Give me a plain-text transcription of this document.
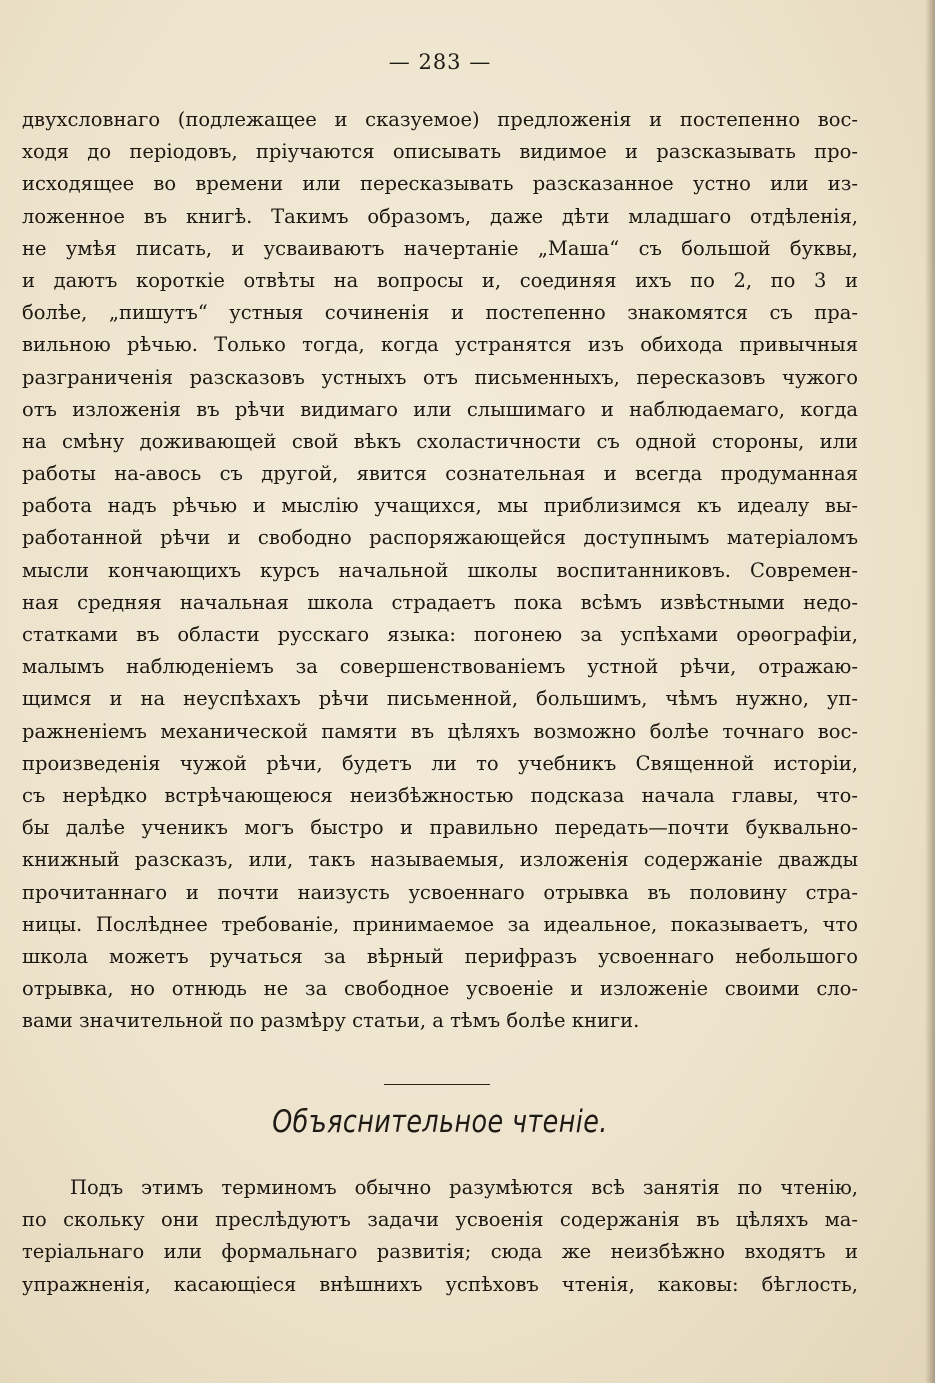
— 283 —
двухсловнаго (подлежащее и сказуемое) предложенія и постепенно вос-
ходя до періодовъ, пріучаются описывать видимое и разсказывать про-
исходящее во времени или пересказывать разсказанное устно или из-
ложенное въ книгѣ. Такимъ образомъ, даже дѣти младшаго отдѣленія,
не умѣя писать, и усваиваютъ начертаніе „Маша“ съ большой буквы,
и даютъ короткіе отвѣты на вопросы и, соединяя ихъ по 2, по 3 и
болѣе, „пишутъ“ устныя сочиненія и постепенно знакомятся съ пра-
вильною рѣчью. Только тогда, когда устранятся изъ обихода привычныя
разграниченія разсказовъ устныхъ отъ письменныхъ, пересказовъ чужого
отъ изложенія въ рѣчи видимаго или слышимаго и наблюдаемаго, когда
на смѣну доживающей свой вѣкъ схоластичности съ одной стороны, или
работы на-авось съ другой, явится сознательная и всегда продуманная
работа надъ рѣчью и мыслію учащихся, мы приблизимся къ идеалу вы-
работанной рѣчи и свободно распоряжающейся доступнымъ матеріаломъ
мысли кончающихъ курсъ начальной школы воспитанниковъ. Современ-
ная средняя начальная школа страдаетъ пока всѣмъ извѣстными недо-
статками въ области русскаго языка: погонею за успѣхами орѳографіи,
малымъ наблюденіемъ за совершенствованіемъ устной рѣчи, отражаю-
щимся и на неуспѣхахъ рѣчи письменной, большимъ, чѣмъ нужно, уп-
ражненіемъ механической памяти въ цѣляхъ возможно болѣе точнаго вос-
произведенія чужой рѣчи, будетъ ли то учебникъ Священной исторіи,
съ нерѣдко встрѣчающеюся неизбѣжностью подсказа начала главы, что-
бы далѣе ученикъ могъ быстро и правильно передать—почти буквально-
книжный разсказъ, или, такъ называемыя, изложенія содержаніе дважды
прочитаннаго и почти наизусть усвоеннаго отрывка въ половину стра-
ницы. Послѣднее требованіе, принимаемое за идеальное, показываетъ, что
школа можетъ ручаться за вѣрный перифразъ усвоеннаго небольшого
отрывка, но отнюдь не за свободное усвоеніе и изложеніе своими сло-
вами значительной по размѣру статьи, а тѣмъ болѣе книги.
Объяснительное чтеніе.
Подъ этимъ терминомъ обычно разумѣются всѣ занятія по чтенію,
по скольку они преслѣдуютъ задачи усвоенія содержанія въ цѣляхъ ма-
теріальнаго или формальнаго развитія; сюда же неизбѣжно входятъ и
упражненія, касающіеся внѣшнихъ успѣховъ чтенія, каковы: бѣглость,
